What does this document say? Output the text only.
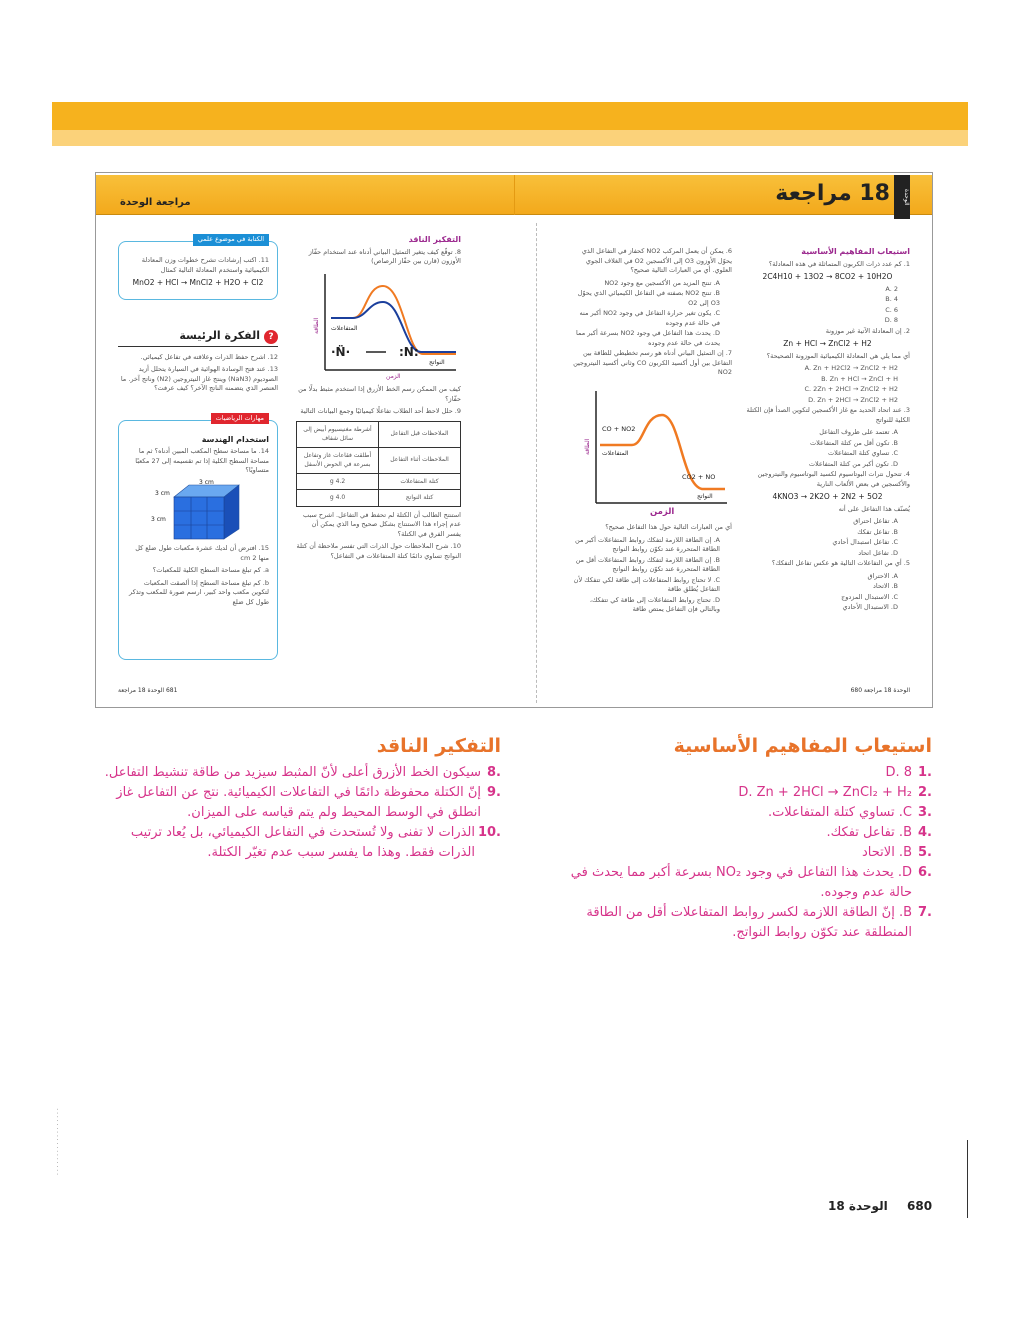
18 مراجعة
مراجعة الوحدة	الوحدة
استيعاب المفاهيم الأساسية
1. كم عدد ذرات الكربون المتماثلة في هذه المعادلة؟
2C4H10 + 13O2 → 8CO2 + 10H2O
A. 2
B. 4
C. 6
D. 8
2. إن المعادلة الآتية غير موزونة
Zn + HCl → ZnCl2 + H2
أي مما يلي هي المعادلة الكيميائية الموزونة الصحيحة؟
A. Zn + H2Cl2 → ZnCl2 + H2
B. Zn + HCl → ZnCl + H
C. 2Zn + 2HCl → ZnCl2 + H2
D. Zn + 2HCl → ZnCl2 + H2
3. عند اتحاد الحديد مع غاز الأكسجين لتكوين الصدأ فإن الكتلة الكلية للنواتج
A. تعتمد على ظروف التفاعل
B. تكون أقل من كتلة المتفاعلات
C. تساوي كتلة المتفاعلات
D. تكون أكبر من كتلة المتفاعلات
4. تتحول نترات البوتاسيوم لكسيد البوتاسيوم والنيتروجين والأكسجين في بعض الألعاب النارية
4KNO3 → 2K2O + 2N2 + 5O2
يُصنّف هذا التفاعل على أنه
A. تفاعل احتراق
B. تفاعل تفكك
C. تفاعل استبدال أحادي
D. تفاعل اتحاد
5. أي من التفاعلات التالية هو عكس تفاعل التفكك؟
A. الاحتراق
B. الاتحاد
C. الاستبدال المزدوج
D. الاستبدال الأحادي
6. يمكن أن يعمل المركب NO2 كحفاز في التفاعل الذي يحوّل الأوزون O3 إلى الأكسجين O2 في الغلاف الجوي العلوي. أي من العبارات التالية صحيح؟
A. تنتج المزيد من الأكسجين مع وجود NO2
B. تنتج NO2 بصفته في التفاعل الكيميائي الذي يحوّل O3 إلى O2
C. يكون تغير حرارة التفاعل في وجود NO2 أكبر منه في حالة عدم وجوده
D. يحدث هذا التفاعل في وجود NO2 بسرعة أكبر مما يحدث في حالة عدم وجوده
7. إن التمثيل البياني أدناه هو رسم تخطيطي للطاقة بين التفاعل بين أول أكسيد الكربون CO وثاني أكسيد النيتروجين NO2
الطاقة
الزمن
CO + NO2
المتفاعلات
CO2 + NO
النواتج
أي من العبارات التالية حول هذا التفاعل صحيح؟
A. إن الطاقة اللازمة لتفكك روابط المتفاعلات أكبر من الطاقة المتحررة عند تكوّن روابط النواتج
B. إن الطاقة اللازمة لتفكك روابط المتفاعلات أقل من الطاقة المتحررة عند تكوّن روابط النواتج
C. لا تحتاج روابط المتفاعلات إلى طاقة لكي تتفكك لأن التفاعل يُطلق طاقة
D. تحتاج روابط المتفاعلات إلى طاقة كي تتفكك، وبالتالي فإن التفاعل يمتص طاقة
التفكير الناقد
8. توقّع كيف يتغير التمثيل البياني أدناه عند استخدام حفّاز الأوزون (قارن بين حفّاز الرصاص)
الطاقة
الزمن
المتفاعلات
·N̈·	:N:
النواتج
كيف من الممكن رسم الخط الأزرق إذا استخدم مثبط بدلًا من حفّاز؟
9. حلل لاحظ أحد الطلاب تفاعلًا كيميائيًا وجمع البيانات التالية
الملاحظات قبل التفاعل	أشرطة مغنيسيوم أبيض إلى سائل شفاف
الملاحظات أثناء التفاعل	أطلقت فقاعات غاز وتفاعل بسرعة في الحوض الأسفل
كتلة المتفاعلات	4.2 g
كتلة النواتج	4.0 g
استنتج الطالب أن الكتلة لم تحفظ في التفاعل. اشرح سبب عدم إجراء هذا الاستنتاج بشكل صحيح وما الذي يمكن أن يفسر الفرق في الكتلة؟
10. شرح الملاحظات حول الذرات التي تفسر ملاحظة أن كتلة النواتج تساوي دائمًا كتلة المتفاعلات في التفاعل؟
الكتابة في موضوع علمي
11. اكتب إرشادات تشرح خطوات وزن المعادلة الكيميائية واستخدم المعادلة التالية كمثال
MnO2 + HCl → MnCl2 + H2O + Cl2
?الفكرة الرئيسة
12. اشرح حفظ الذرات وعلاقته في تفاعل كيميائي.
13. عند فتح الوسادة الهوائية في السيارة يتحلل أزيد الصوديوم (NaN3) وينتج غاز النيتروجين (N2) وناتج آخر. ما العنصر الذي يتضمنه الناتج الآخر؟ كيف عرفت؟
مهارات الرياضيات
استخدام الهندسة
14. ما مساحة سطح المكعب المبين أدناه؟ ثم ما مساحة السطح الكلية إذا تم تقسيمه إلى 27 مكعبًا متساويًا؟
3 cm
3 cm
3 cm
15. افترض أن لديك عشرة مكعبات طول ضلع كل منها 2 cm
a. كم تبلغ مساحة السطح الكلية للمكعبات؟
b. كم تبلغ مساحة السطح إذا ألصقت المكعبات لتكوين مكعب واحد كبير، ارسم صورة للمكعب وتذكر طول كل ضلع
680 الوحدة 18 مراجعة
681 الوحدة 18 مراجعة
استيعاب المفاهيم الأساسية
.1
D. 8
.2
D. Zn + 2HCl → ZnCl₂ + H₂
.3
C. تساوي كتلة المتفاعلات.
.4
B. تفاعل تفكك.
.5
B. الاتحاد
.6
D. يحدث هذا التفاعل في وجود NO₂ بسرعة أكبر مما يحدث في حالة عدم وجوده.
.7
B. إنّ الطاقة اللازمة لكسر روابط المتفاعلات أقل من الطاقة المنطلقة عند تكوّن روابط النواتج.
التفكير الناقد
.8
سيكون الخط الأزرق أعلى لأنّ المثبط سيزيد من طاقة تنشيط التفاعل.
.9
إنّ الكتلة محفوظة دائمًا في التفاعلات الكيميائية. نتج عن التفاعل غاز انطلق في الوسط المحيط ولم يتم قياسه على الميزان.
.10
الذرات لا تفنى ولا تُستحدث في التفاعل الكيميائي، بل يُعاد ترتيب الذرات فقط. وهذا ما يفسر سبب عدم تغيّر الكتلة.
· · · · · · · · · · · · · · · · · ·
الوحدة 18 680
